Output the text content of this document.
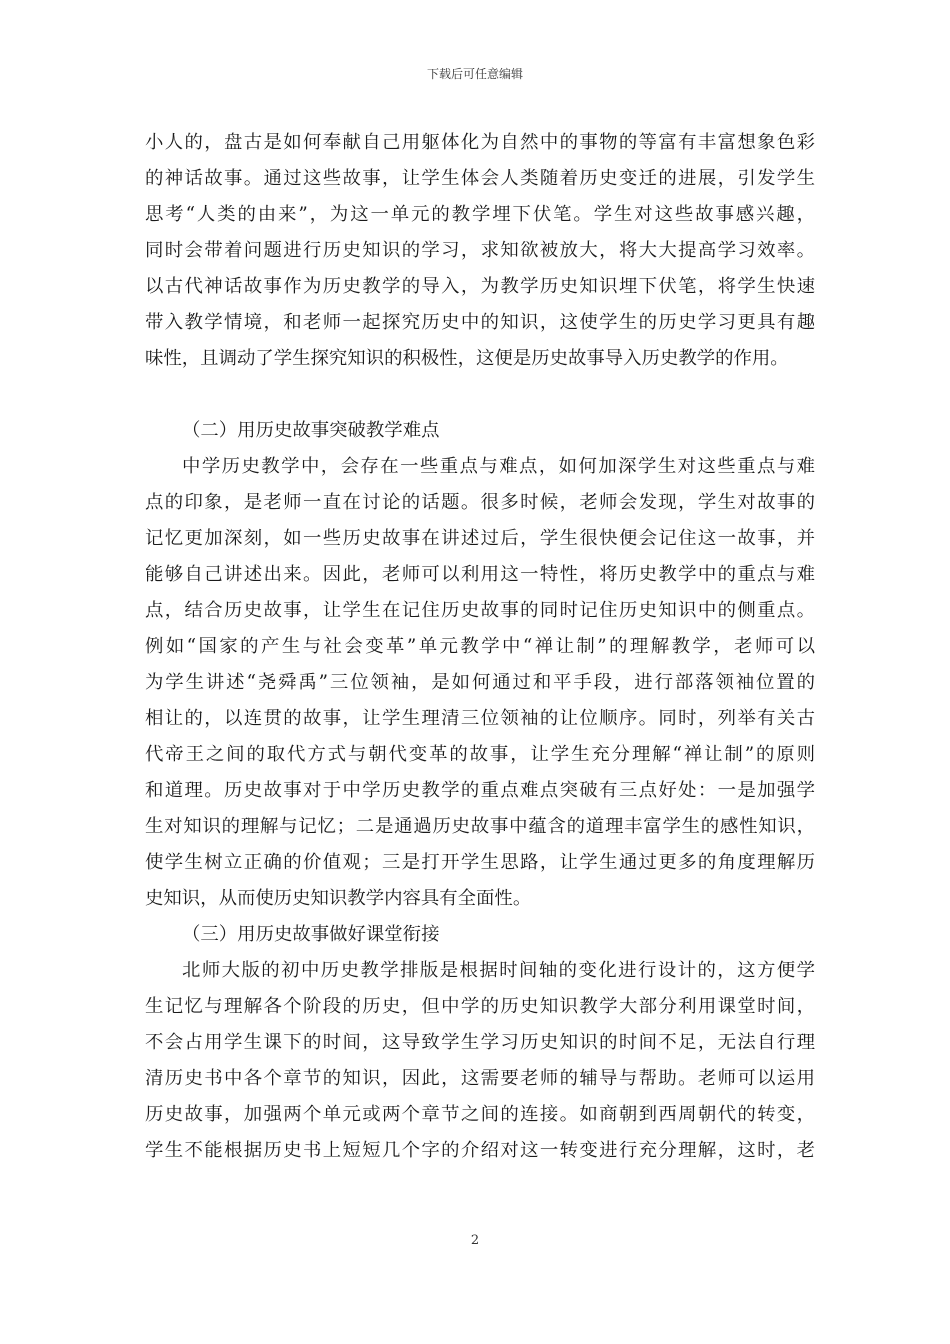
下载后可任意编辑
小人的，盘古是如何奉献自己用躯体化为自然中的事物的等富有丰富想象色彩
的神话故事。通过这些故事，让学生体会人类随着历史变迁的进展，引发学生
思考“人类的由来”，为这一单元的教学埋下伏笔。学生对这些故事感兴趣，
同时会带着问题进行历史知识的学习，求知欲被放大，将大大提高学习效率。
以古代神话故事作为历史教学的导入，为教学历史知识埋下伏笔，将学生快速
带入教学情境，和老师一起探究历史中的知识，这使学生的历史学习更具有趣
味性，且调动了学生探究知识的积极性，这便是历史故事导入历史教学的作用。
（二）用历史故事突破教学难点
中学历史教学中，会存在一些重点与难点，如何加深学生对这些重点与难
点的印象，是老师一直在讨论的话题。很多时候，老师会发现，学生对故事的
记忆更加深刻，如一些历史故事在讲述过后，学生很快便会记住这一故事，并
能够自己讲述出来。因此，老师可以利用这一特性，将历史教学中的重点与难
点，结合历史故事，让学生在记住历史故事的同时记住历史知识中的侧重点。
例如“国家的产生与社会变革”单元教学中“禅让制”的理解教学，老师可以
为学生讲述“尧舜禹”三位领袖，是如何通过和平手段，进行部落领袖位置的
相让的，以连贯的故事，让学生理清三位领袖的让位顺序。同时，列举有关古
代帝王之间的取代方式与朝代变革的故事，让学生充分理解“禅让制”的原则
和道理。历史故事对于中学历史教学的重点难点突破有三点好处：一是加强学
生对知识的理解与记忆；二是通過历史故事中蕴含的道理丰富学生的感性知识，
使学生树立正确的价值观；三是打开学生思路，让学生通过更多的角度理解历
史知识，从而使历史知识教学内容具有全面性。
（三）用历史故事做好课堂衔接
北师大版的初中历史教学排版是根据时间轴的变化进行设计的，这方便学
生记忆与理解各个阶段的历史，但中学的历史知识教学大部分利用课堂时间，
不会占用学生课下的时间，这导致学生学习历史知识的时间不足，无法自行理
清历史书中各个章节的知识，因此，这需要老师的辅导与帮助。老师可以运用
历史故事，加强两个单元或两个章节之间的连接。如商朝到西周朝代的转变，
学生不能根据历史书上短短几个字的介绍对这一转变进行充分理解，这时，老
2
